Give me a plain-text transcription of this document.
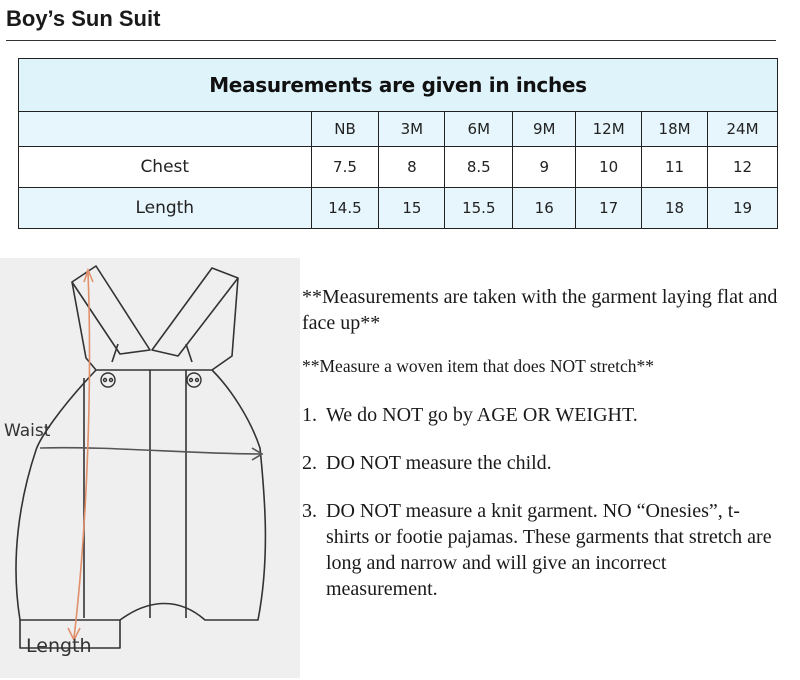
Boy’s Sun Suit
Measurements are given in inches							
	NB	3M	6M	9M	12M	18M	24M
Chest	7.5	8	8.5	9	10	11	12
Length	14.5	15	15.5	16	17	18	19
Waist
Length

**Measurements are taken with the garment laying flat and face up**

**Measure a woven item that does NOT stretch**

1. We do NOT go by AGE OR WEIGHT.
2. DO NOT measure the child.
3. DO NOT measure a knit garment. NO “Onesies”, t-shirts or footie pajamas. These garments that stretch are long and narrow and will give an incorrect measurement.
